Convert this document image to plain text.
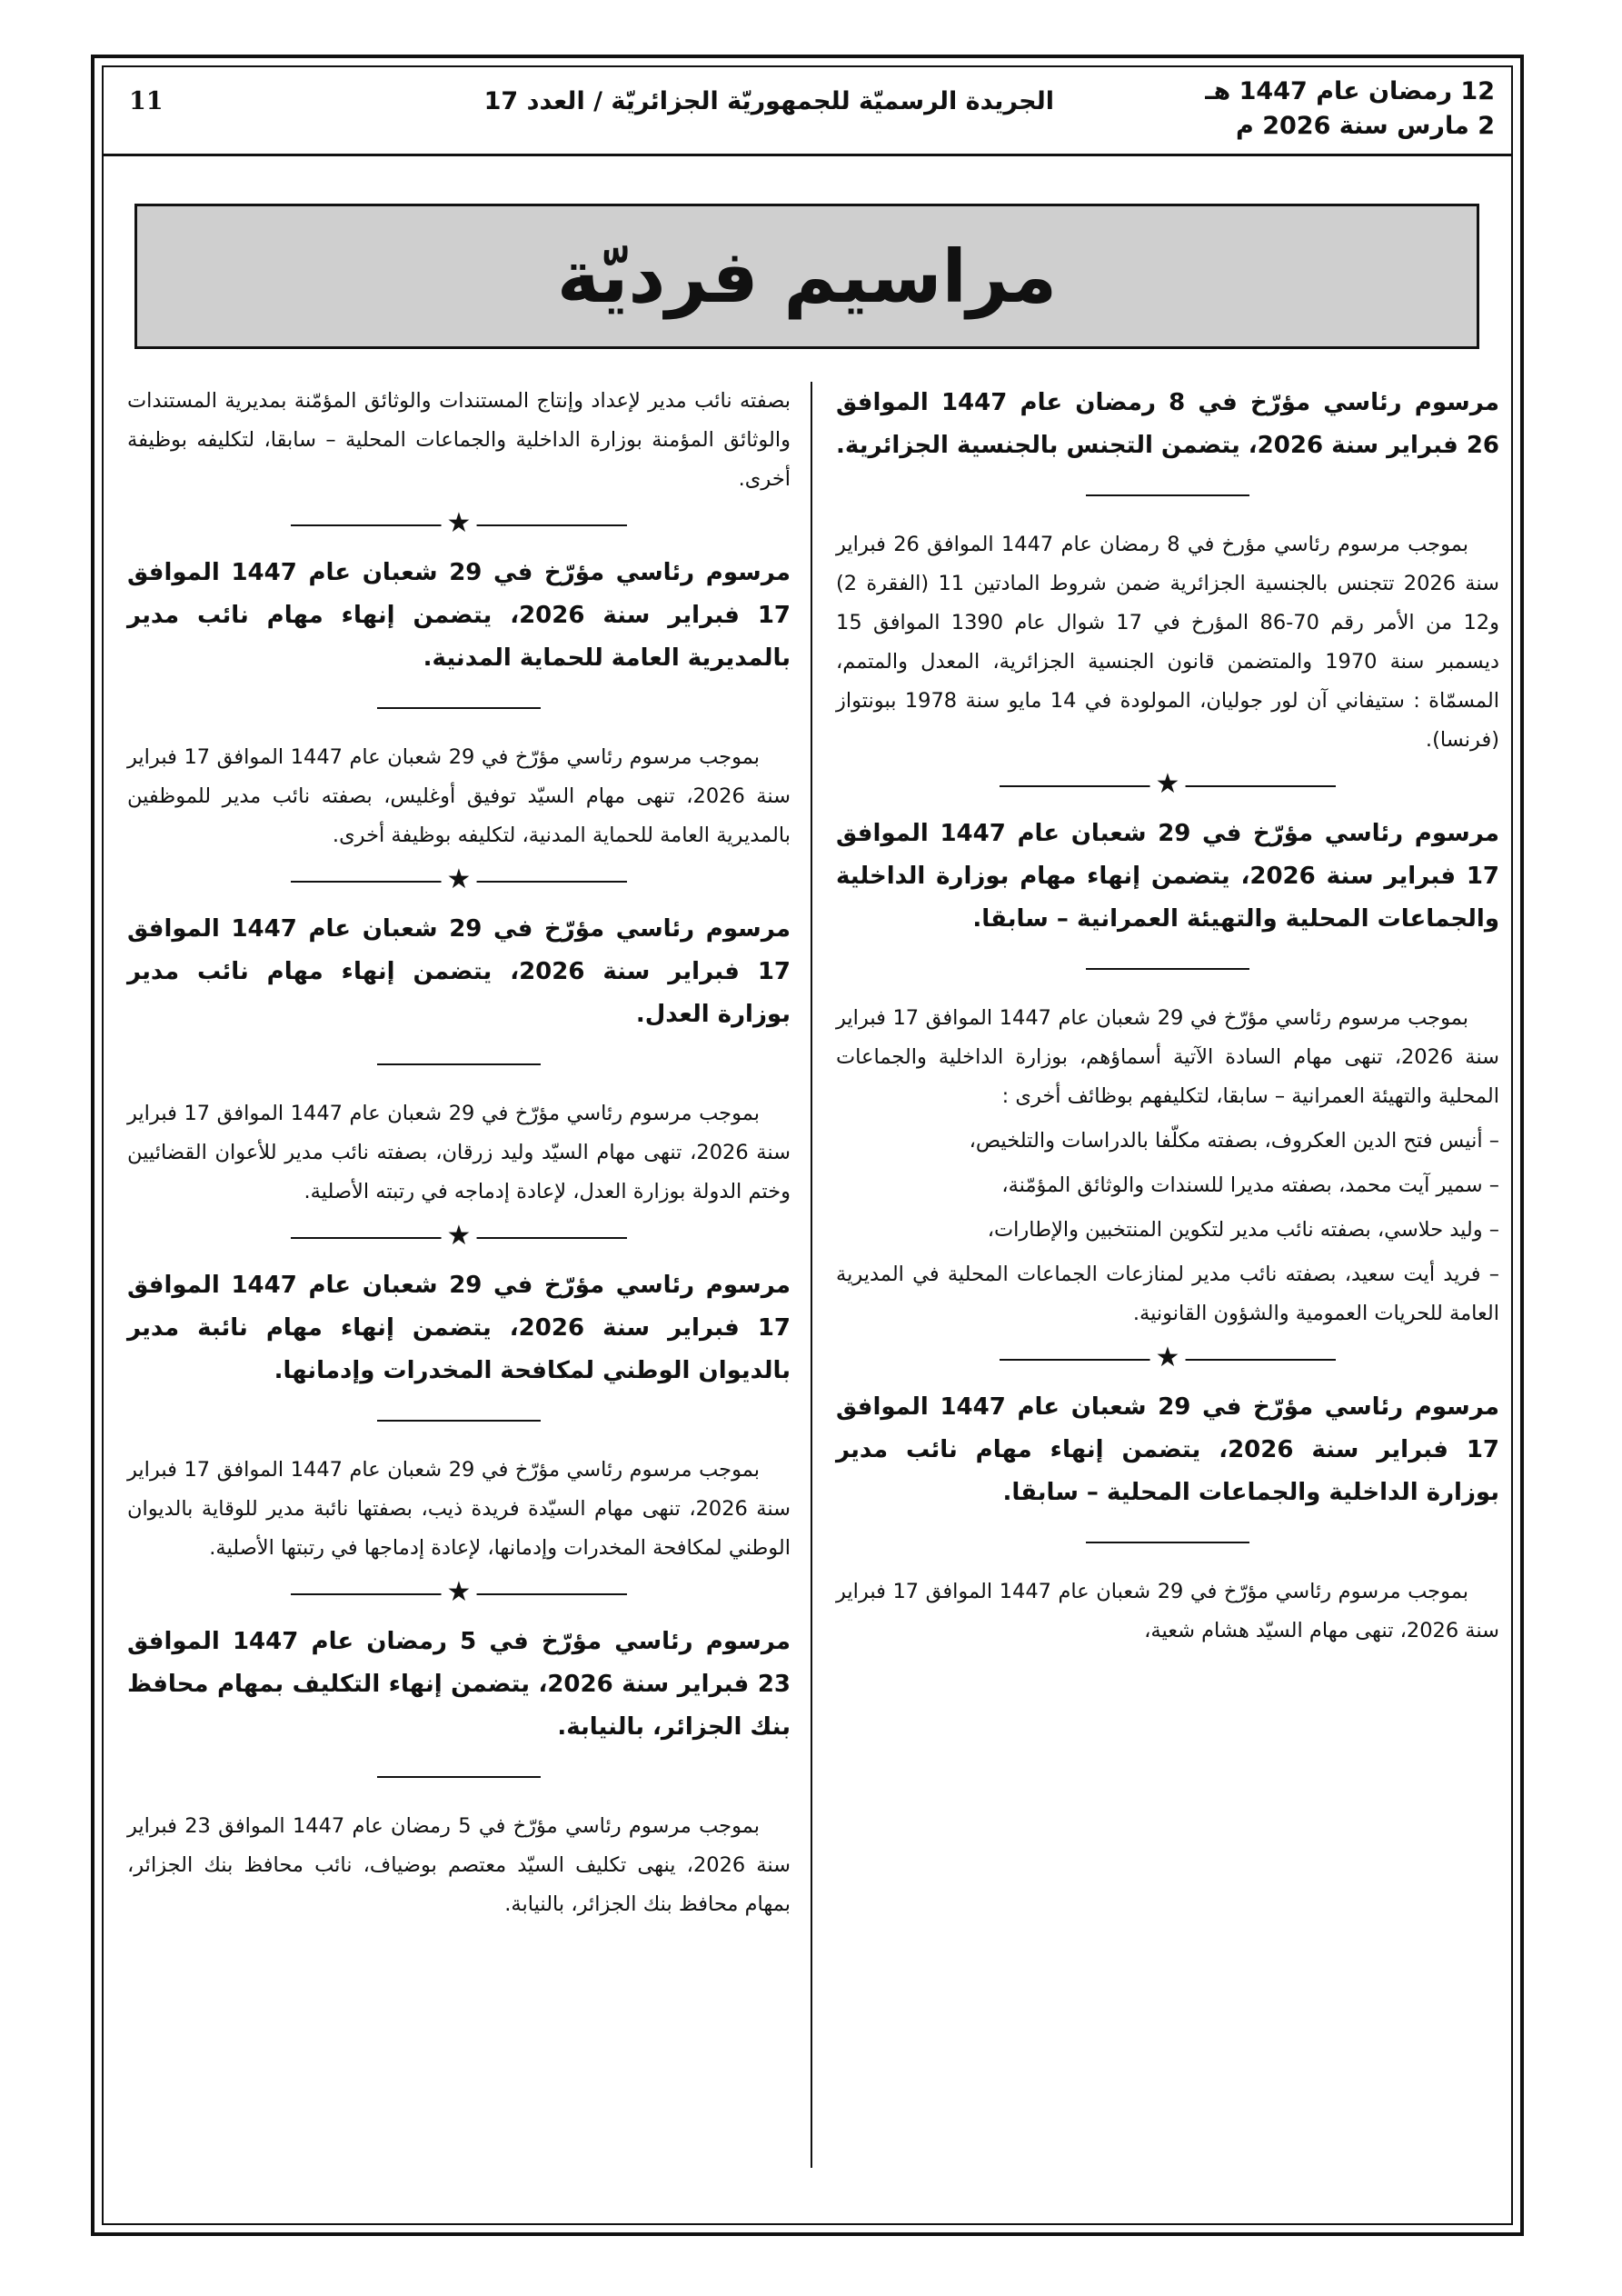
12 رمضان عام 1447 هـ
2 مارس سنة 2026 م
الجريدة الرسميّة للجمهوريّة الجزائريّة / العدد 17
11
مراسيم فرديّة

مرسوم رئاسي مؤرّخ في 8 رمضان عام 1447 الموافق 26 فبراير سنة 2026، يتضمن التجنس بالجنسية الجزائرية.

بموجب مرسوم رئاسي مؤرخ في 8 رمضان عام 1447 الموافق 26 فبراير سنة 2026 تتجنس بالجنسية الجزائرية ضمن شروط المادتين 11 (الفقرة 2) و12 من الأمر رقم 70-86 المؤرخ في 17 شوال عام 1390 الموافق 15 ديسمبر سنة 1970 والمتضمن قانون الجنسية الجزائرية، المعدل والمتمم، المسمّاة : ستيفاني آن لور جوليان، المولودة في 14 مايو سنة 1978 ببونتواز (فرنسا).

★

مرسوم رئاسي مؤرّخ في 29 شعبان عام 1447 الموافق 17 فبراير سنة 2026، يتضمن إنهاء مهام بوزارة الداخلية والجماعات المحلية والتهيئة العمرانية – سابقا.

بموجب مرسوم رئاسي مؤرّخ في 29 شعبان عام 1447 الموافق 17 فبراير سنة 2026، تنهى مهام السادة الآتية أسماؤهم، بوزارة الداخلية والجماعات المحلية والتهيئة العمرانية – سابقا، لتكليفهم بوظائف أخرى :

– أنيس فتح الدين العكروف، بصفته مكلّفا بالدراسات والتلخيص،

– سمير آيت محمد، بصفته مديرا للسندات والوثائق المؤمّنة،

– وليد حلاسي، بصفته نائب مدير لتكوين المنتخبين والإطارات،

– فريد أيت سعيد، بصفته نائب مدير لمنازعات الجماعات المحلية في المديرية العامة للحريات العمومية والشؤون القانونية.

★

مرسوم رئاسي مؤرّخ في 29 شعبان عام 1447 الموافق 17 فبراير سنة 2026، يتضمن إنهاء مهام نائب مدير بوزارة الداخلية والجماعات المحلية – سابقا.

بموجب مرسوم رئاسي مؤرّخ في 29 شعبان عام 1447 الموافق 17 فبراير سنة 2026، تنهى مهام السيّد هشام شعية،

بصفته نائب مدير لإعداد وإنتاج المستندات والوثائق المؤمّنة بمديرية المستندات والوثائق المؤمنة بوزارة الداخلية والجماعات المحلية – سابقا، لتكليفه بوظيفة أخرى.

★

مرسوم رئاسي مؤرّخ في 29 شعبان عام 1447 الموافق 17 فبراير سنة 2026، يتضمن إنهاء مهام نائب مدير بالمديرية العامة للحماية المدنية.

بموجب مرسوم رئاسي مؤرّخ في 29 شعبان عام 1447 الموافق 17 فبراير سنة 2026، تنهى مهام السيّد توفيق أوغليس، بصفته نائب مدير للموظفين بالمديرية العامة للحماية المدنية، لتكليفه بوظيفة أخرى.

★

مرسوم رئاسي مؤرّخ في 29 شعبان عام 1447 الموافق 17 فبراير سنة 2026، يتضمن إنهاء مهام نائب مدير بوزارة العدل.

بموجب مرسوم رئاسي مؤرّخ في 29 شعبان عام 1447 الموافق 17 فبراير سنة 2026، تنهى مهام السيّد وليد زرقان، بصفته نائب مدير للأعوان القضائيين وختم الدولة بوزارة العدل، لإعادة إدماجه في رتبته الأصلية.

★

مرسوم رئاسي مؤرّخ في 29 شعبان عام 1447 الموافق 17 فبراير سنة 2026، يتضمن إنهاء مهام نائبة مدير بالديوان الوطني لمكافحة المخدرات وإدمانها.

بموجب مرسوم رئاسي مؤرّخ في 29 شعبان عام 1447 الموافق 17 فبراير سنة 2026، تنهى مهام السيّدة فريدة ذيب، بصفتها نائبة مدير للوقاية بالديوان الوطني لمكافحة المخدرات وإدمانها، لإعادة إدماجها في رتبتها الأصلية.

★

مرسوم رئاسي مؤرّخ في 5 رمضان عام 1447 الموافق 23 فبراير سنة 2026، يتضمن إنهاء التكليف بمهام محافظ بنك الجزائر، بالنيابة.

بموجب مرسوم رئاسي مؤرّخ في 5 رمضان عام 1447 الموافق 23 فبراير سنة 2026، ينهى تكليف السيّد معتصم بوضياف، نائب محافظ بنك الجزائر، بمهام محافظ بنك الجزائر، بالنيابة.
